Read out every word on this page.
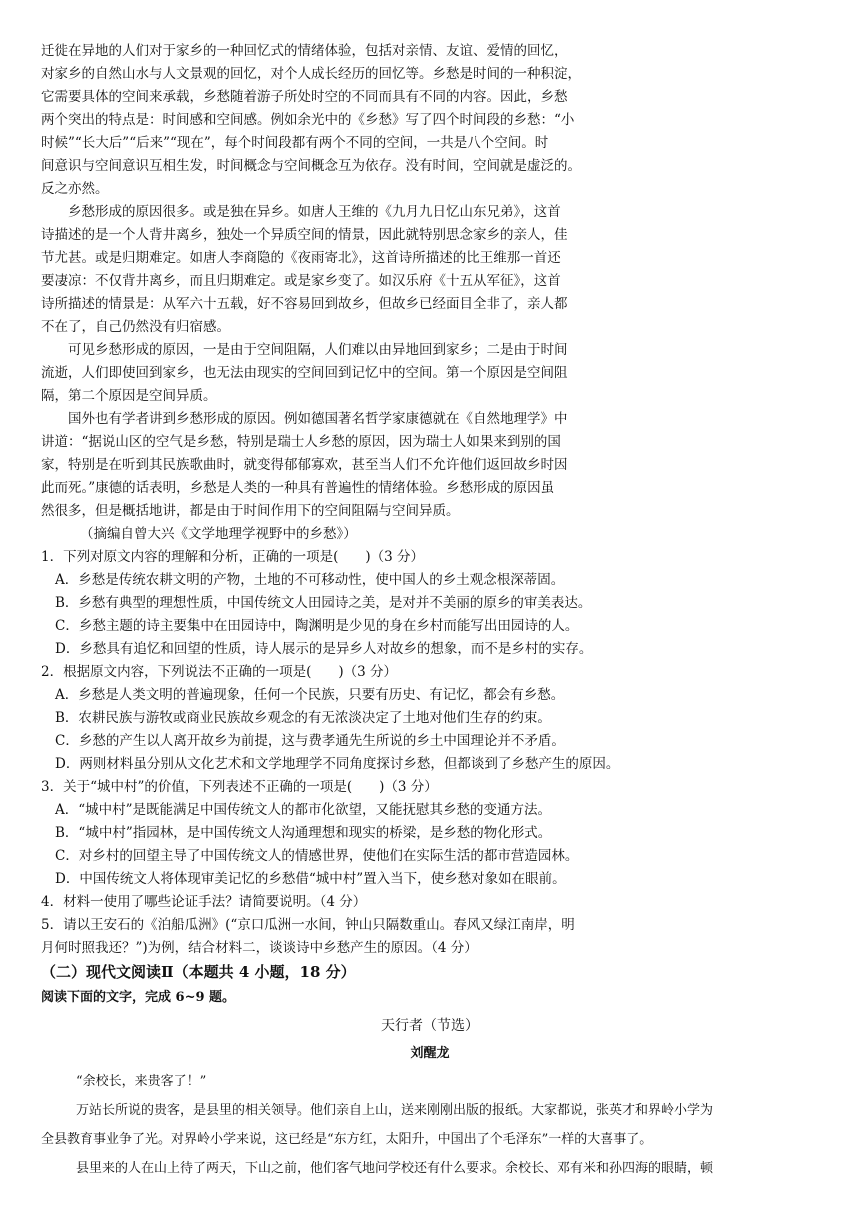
迁徙在异地的人们对于家乡的一种回忆式的情绪体验，包括对亲情、友谊、爱情的回忆，
对家乡的自然山水与人文景观的回忆，对个人成长经历的回忆等。乡愁是时间的一种积淀，
它需要具体的空间来承载，乡愁随着游子所处时空的不同而具有不同的内容。因此，乡愁
两个突出的特点是：时间感和空间感。例如余光中的《乡愁》写了四个时间段的乡愁：“小
时候”“长大后”“后来”“现在”，每个时间段都有两个不同的空间，一共是八个空间。时
间意识与空间意识互相生发，时间概念与空间概念互为依存。没有时间，空间就是虚泛的。
反之亦然。
乡愁形成的原因很多。或是独在异乡。如唐人王维的《九月九日忆山东兄弟》，这首
诗描述的是一个人背井离乡，独处一个异质空间的情景，因此就特别思念家乡的亲人，佳
节尤甚。或是归期难定。如唐人李商隐的《夜雨寄北》，这首诗所描述的比王维那一首还
要凄凉：不仅背井离乡，而且归期难定。或是家乡变了。如汉乐府《十五从军征》，这首
诗所描述的情景是：从军六十五载，好不容易回到故乡，但故乡已经面目全非了，亲人都
不在了，自己仍然没有归宿感。
可见乡愁形成的原因，一是由于空间阻隔，人们难以由异地回到家乡；二是由于时间
流逝，人们即使回到家乡，也无法由现实的空间回到记忆中的空间。第一个原因是空间阻
隔，第二个原因是空间异质。
国外也有学者讲到乡愁形成的原因。例如德国著名哲学家康德就在《自然地理学》中
讲道：“据说山区的空气是乡愁，特别是瑞士人乡愁的原因，因为瑞士人如果来到别的国
家，特别是在听到其民族歌曲时，就变得郁郁寡欢，甚至当人们不允许他们返回故乡时因
此而死。”康德的话表明，乡愁是人类的一种具有普遍性的情绪体验。乡愁形成的原因虽
然很多，但是概括地讲，都是由于时间作用下的空间阻隔与空间异质。
（摘编自曾大兴《文学地理学视野中的乡愁》）
1．下列对原文内容的理解和分析，正确的一项是(　　)（3 分）
A．乡愁是传统农耕文明的产物，土地的不可移动性，使中国人的乡土观念根深蒂固。
B．乡愁有典型的理想性质，中国传统文人田园诗之美，是对并不美丽的原乡的审美表达。
C．乡愁主题的诗主要集中在田园诗中，陶渊明是少见的身在乡村而能写出田园诗的人。
D．乡愁具有追忆和回望的性质，诗人展示的是异乡人对故乡的想象，而不是乡村的实存。
2．根据原文内容，下列说法不正确的一项是(　　)（3 分）
A．乡愁是人类文明的普遍现象，任何一个民族，只要有历史、有记忆，都会有乡愁。
B．农耕民族与游牧或商业民族故乡观念的有无浓淡决定了土地对他们生存的约束。
C．乡愁的产生以人离开故乡为前提，这与费孝通先生所说的乡土中国理论并不矛盾。
D．两则材料虽分别从文化艺术和文学地理学不同角度探讨乡愁，但都谈到了乡愁产生的原因。
3．关于“城中村”的价值，下列表述不正确的一项是(　　)（3 分）
A．“城中村”是既能满足中国传统文人的都市化欲望，又能抚慰其乡愁的变通方法。
B．“城中村”指园林，是中国传统文人沟通理想和现实的桥梁，是乡愁的物化形式。
C．对乡村的回望主导了中国传统文人的情感世界，使他们在实际生活的都市营造园林。
D．中国传统文人将体现审美记忆的乡愁借“城中村”置入当下，使乡愁对象如在眼前。
4．材料一使用了哪些论证手法？请简要说明。（4 分）
5．请以王安石的《泊船瓜洲》(“京口瓜洲一水间，钟山只隔数重山。春风又绿江南岸，明
月何时照我还？”)为例，结合材料二，谈谈诗中乡愁产生的原因。（4 分）
（二）现代文阅读Ⅱ（本题共 4 小题，18 分）
阅读下面的文字，完成 6~9 题。
天行者（节选）
刘醒龙
“余校长，来贵客了！”
万站长所说的贵客，是县里的相关领导。他们亲自上山，送来刚刚出版的报纸。大家都说，张英才和界岭小学为
全县教育事业争了光。对界岭小学来说，这已经是“东方红，太阳升，中国出了个毛泽东”一样的大喜事了。
县里来的人在山上待了两天，下山之前，他们客气地问学校还有什么要求。余校长、邓有米和孙四海的眼睛，顿
